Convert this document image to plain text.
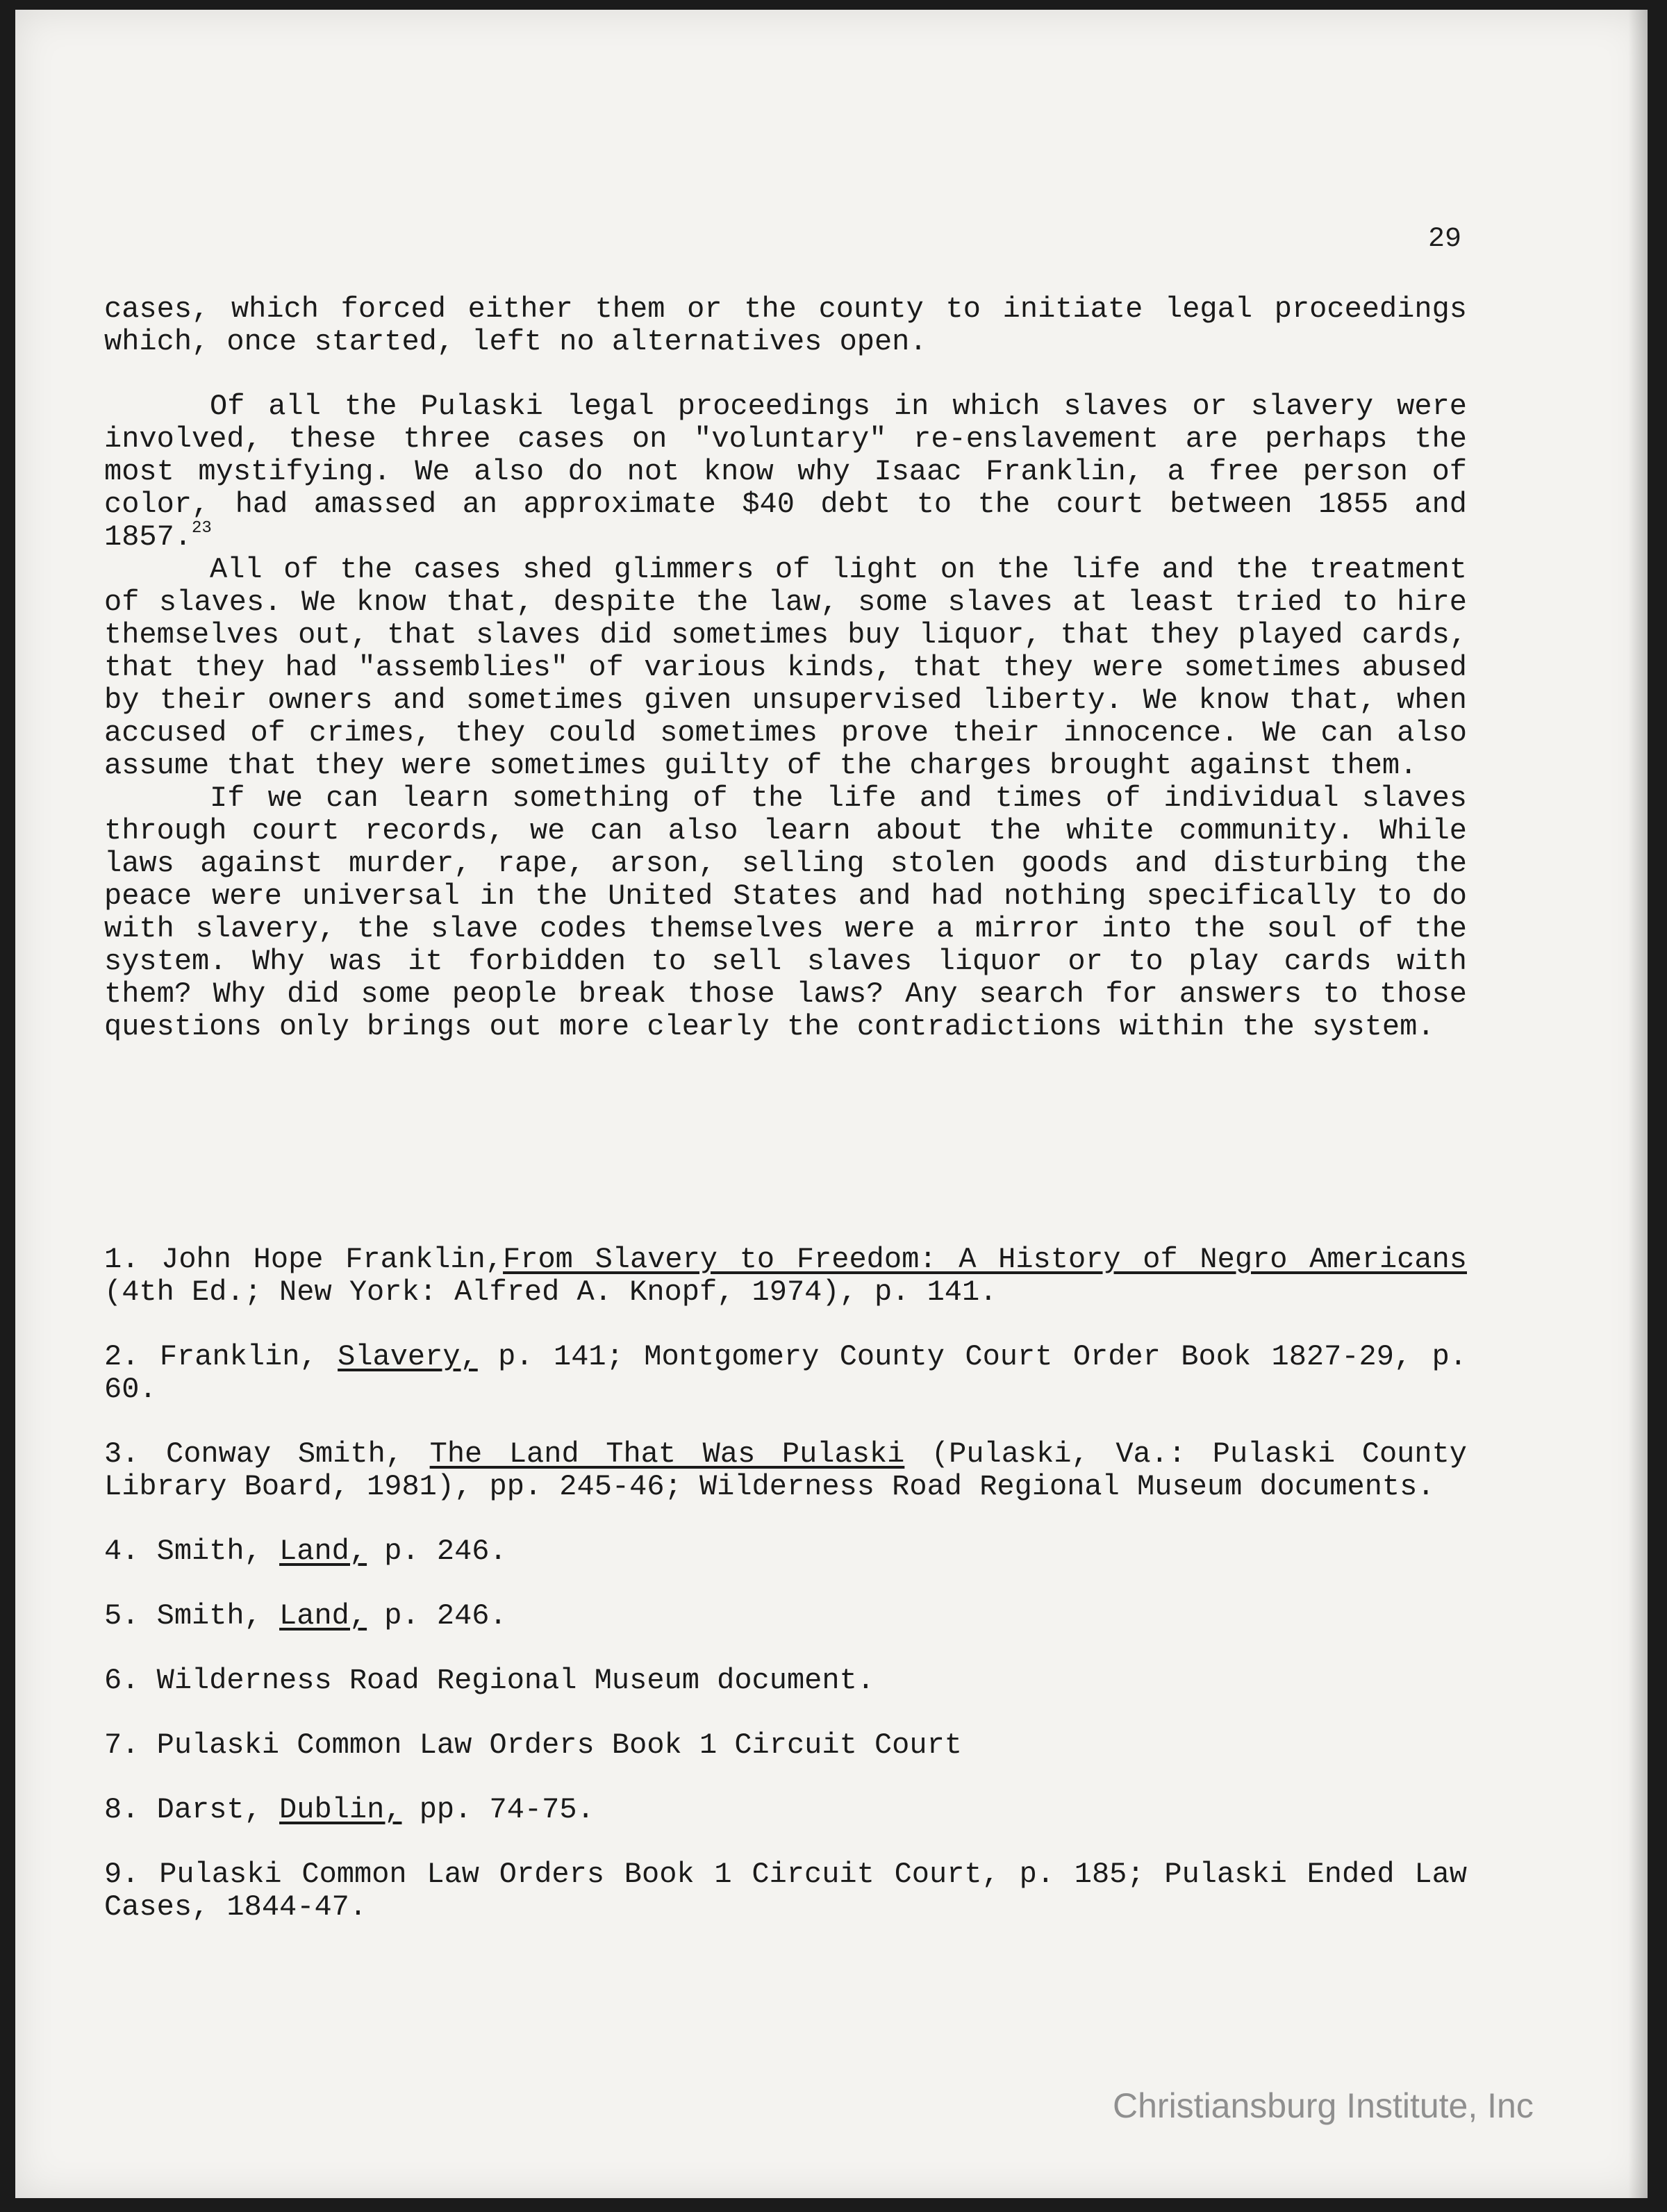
29

cases, which forced either them or the county to initiate legal proceedings which, once started, left no alternatives open.

Of all the Pulaski legal proceedings in which slaves or slavery were involved, these three cases on "voluntary" re-enslavement are perhaps the most mystifying. We also do not know why Isaac Franklin, a free person of color, had amassed an approximate $40 debt to the court between 1855 and 1857.23

All of the cases shed glimmers of light on the life and the treatment of slaves. We know that, despite the law, some slaves at least tried to hire themselves out, that slaves did sometimes buy liquor, that they played cards, that they had "assemblies" of various kinds, that they were sometimes abused by their owners and sometimes given unsupervised liberty. We know that, when accused of crimes, they could sometimes prove their innocence. We can also assume that they were sometimes guilty of the charges brought against them.

If we can learn something of the life and times of individual slaves through court records, we can also learn about the white community. While laws against murder, rape, arson, selling stolen goods and disturbing the peace were universal in the United States and had nothing specifically to do with slavery, the slave codes themselves were a mirror into the soul of the system. Why was it forbidden to sell slaves liquor or to play cards with them? Why did some people break those laws? Any search for answers to those questions only brings out more clearly the contradictions within the system.

1. John Hope Franklin,From Slavery to Freedom: A History of Negro Americans (4th Ed.; New York: Alfred A. Knopf, 1974), p. 141.

2. Franklin, Slavery, p. 141; Montgomery County Court Order Book 1827-29, p. 60.

3. Conway Smith, The Land That Was Pulaski (Pulaski, Va.: Pulaski County Library Board, 1981), pp. 245-46; Wilderness Road Regional Museum documents.

4. Smith, Land, p. 246.

5. Smith, Land, p. 246.

6. Wilderness Road Regional Museum document.

7. Pulaski Common Law Orders Book 1 Circuit Court

8. Darst, Dublin, pp. 74-75.

9. Pulaski Common Law Orders Book 1 Circuit Court, p. 185; Pulaski Ended Law Cases, 1844-47.

Christiansburg Institute, Inc
